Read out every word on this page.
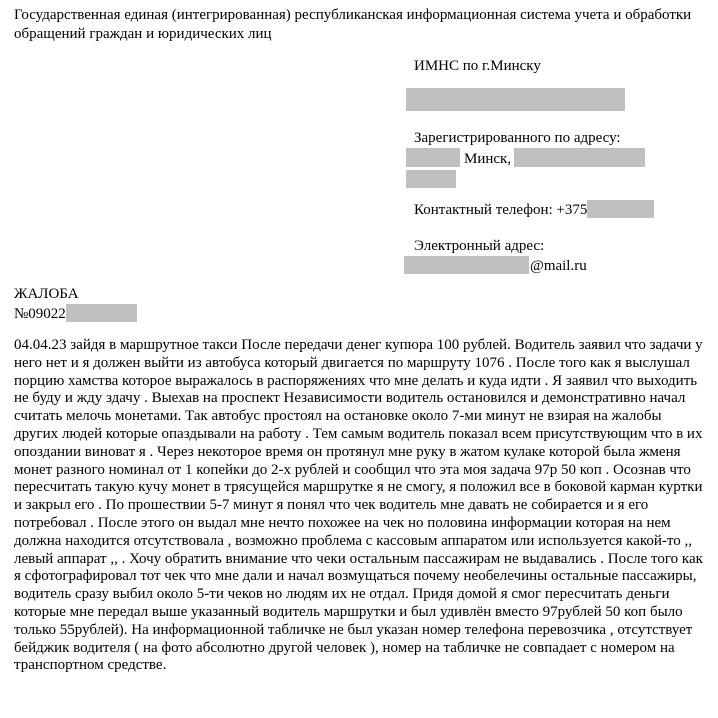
Государственная единая (интегрированная) республиканская информационная система учета и обработки обращений граждан и юридических лиц
ИМНС по г.Минску
Зарегистрированного по адресу:
Минск,
Контактный телефон: +375
Электронный адрес:
@mail.ru
ЖАЛОБА
№09022
04.04.23 зайдя в маршрутное такси После передачи денег купюра 100 рублей. Водитель заявил что задачи у него нет и я должен выйти из автобуса который двигается по маршруту 1076 . После того как я выслушал порцию хамства которое выражалось в распоряжениях что мне делать и куда идти . Я заявил что выходить не буду и жду здачу . Выехав на проспект Независимости водитель остановился и демонстративно начал считать мелочь монетами. Так автобус простоял на остановке около 7-ми минут не взирая на жалобы других людей которые опаздывали на работу . Тем самым водитель показал всем присутствующим что в их опоздании виноват я . Через некоторое время он протянул мне руку в жатом кулаке которой была жменя монет разного номинал от 1 копейки до 2-х рублей и сообщил что эта моя задача 97р 50 коп . Осознав что пересчитать такую кучу монет в трясущейся маршрутке я не смогу, я положил все в боковой карман куртки и закрыл его . По прошествии 5-7 минут я понял что чек водитель мне давать не собирается и я его потребовал . После этого он выдал мне нечто похожее на чек но половина информации которая на нем должна находится отсутствовала , возможно проблема с кассовым аппаратом или используется какой-то ,, левый аппарат ,, . Хочу обратить внимание что чеки остальным пассажирам не выдавались . После того как я сфотографировал тот чек что мне дали и начал возмущаться почему необелечины остальные пассажиры, водитель сразу выбил около 5-ти чеков но людям их не отдал. Придя домой я смог пересчитать деньги которые мне передал выше указанный водитель маршрутки и был удивлён вместо 97рублей 50 коп было только 55рублей). На информационной табличке не был указан номер телефона перевозчика , отсутствует бейджик водителя ( на фото абсолютно другой человек ), номер на табличке не совпадает с номером на транспортном средстве.
